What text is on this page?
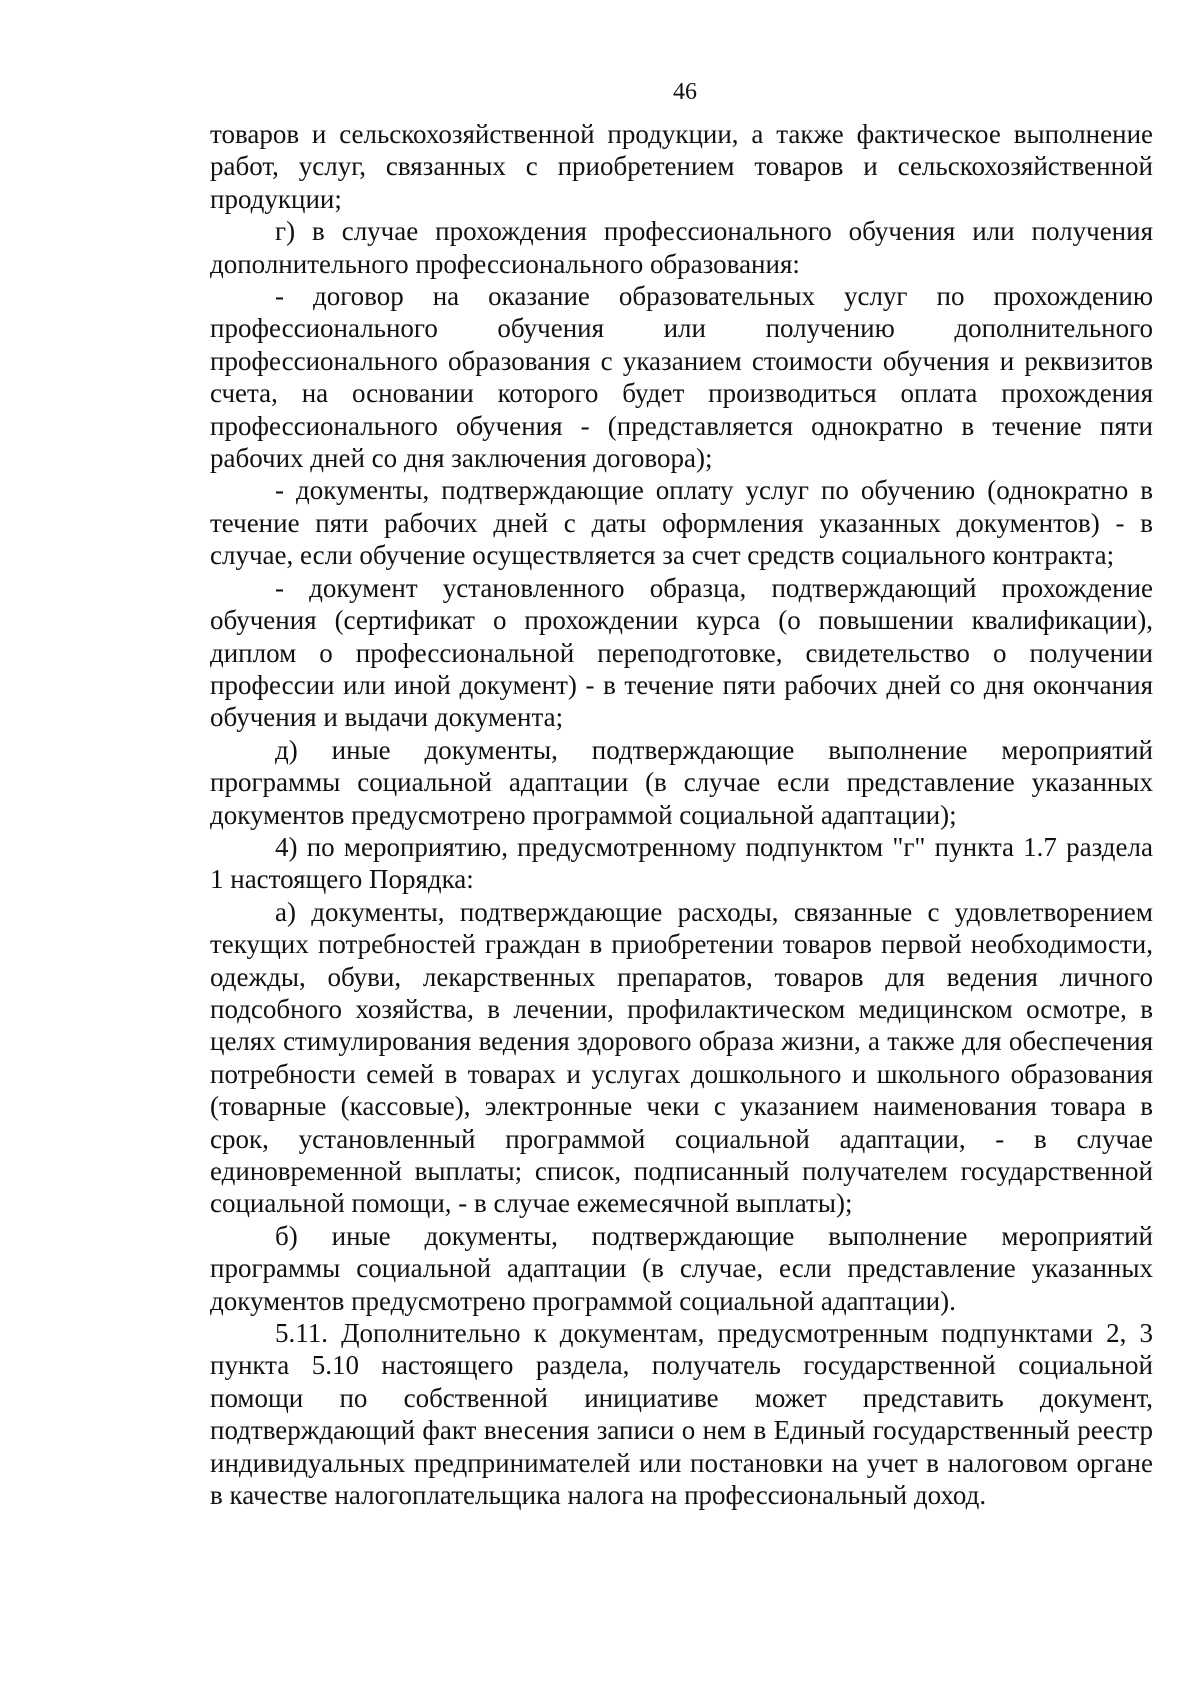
46

товаров и сельскохозяйственной продукции, а также фактическое выполнение работ, услуг, связанных с приобретением товаров и сельскохозяйственной продукции;

г) в случае прохождения профессионального обучения или получения дополнительного профессионального образования:

- договор на оказание образовательных услуг по прохождению профессионального обучения или получению дополнительного профессионального образования с указанием стоимости обучения и реквизитов счета, на основании которого будет производиться оплата прохождения профессионального обучения - (представляется однократно в течение пяти рабочих дней со дня заключения договора);

- документы, подтверждающие оплату услуг по обучению (однократно в течение пяти рабочих дней с даты оформления указанных документов) - в случае, если обучение осуществляется за счет средств социального контракта;

- документ установленного образца, подтверждающий прохождение обучения (сертификат о прохождении курса (о повышении квалификации), диплом о профессиональной переподготовке, свидетельство о получении профессии или иной документ) - в течение пяти рабочих дней со дня окончания обучения и выдачи документа;

д) иные документы, подтверждающие выполнение мероприятий программы социальной адаптации (в случае если представление указанных документов предусмотрено программой социальной адаптации);

4) по мероприятию, предусмотренному подпунктом "г" пункта 1.7 раздела 1 настоящего Порядка:

а) документы, подтверждающие расходы, связанные с удовлетворением текущих потребностей граждан в приобретении товаров первой необходимости, одежды, обуви, лекарственных препаратов, товаров для ведения личного подсобного хозяйства, в лечении, профилактическом медицинском осмотре, в целях стимулирования ведения здорового образа жизни, а также для обеспечения потребности семей в товарах и услугах дошкольного и школьного образования (товарные (кассовые), электронные чеки с указанием наименования товара в срок, установленный программой социальной адаптации, - в случае единовременной выплаты; список, подписанный получателем государственной социальной помощи, - в случае ежемесячной выплаты);

б) иные документы, подтверждающие выполнение мероприятий программы социальной адаптации (в случае, если представление указанных документов предусмотрено программой социальной адаптации).

5.11. Дополнительно к документам, предусмотренным подпунктами 2, 3 пункта 5.10 настоящего раздела, получатель государственной социальной помощи по собственной инициативе может представить документ, подтверждающий факт внесения записи о нем в Единый государственный реестр индивидуальных предпринимателей или постановки на учет в налоговом органе в качестве налогоплательщика налога на профессиональный доход.
